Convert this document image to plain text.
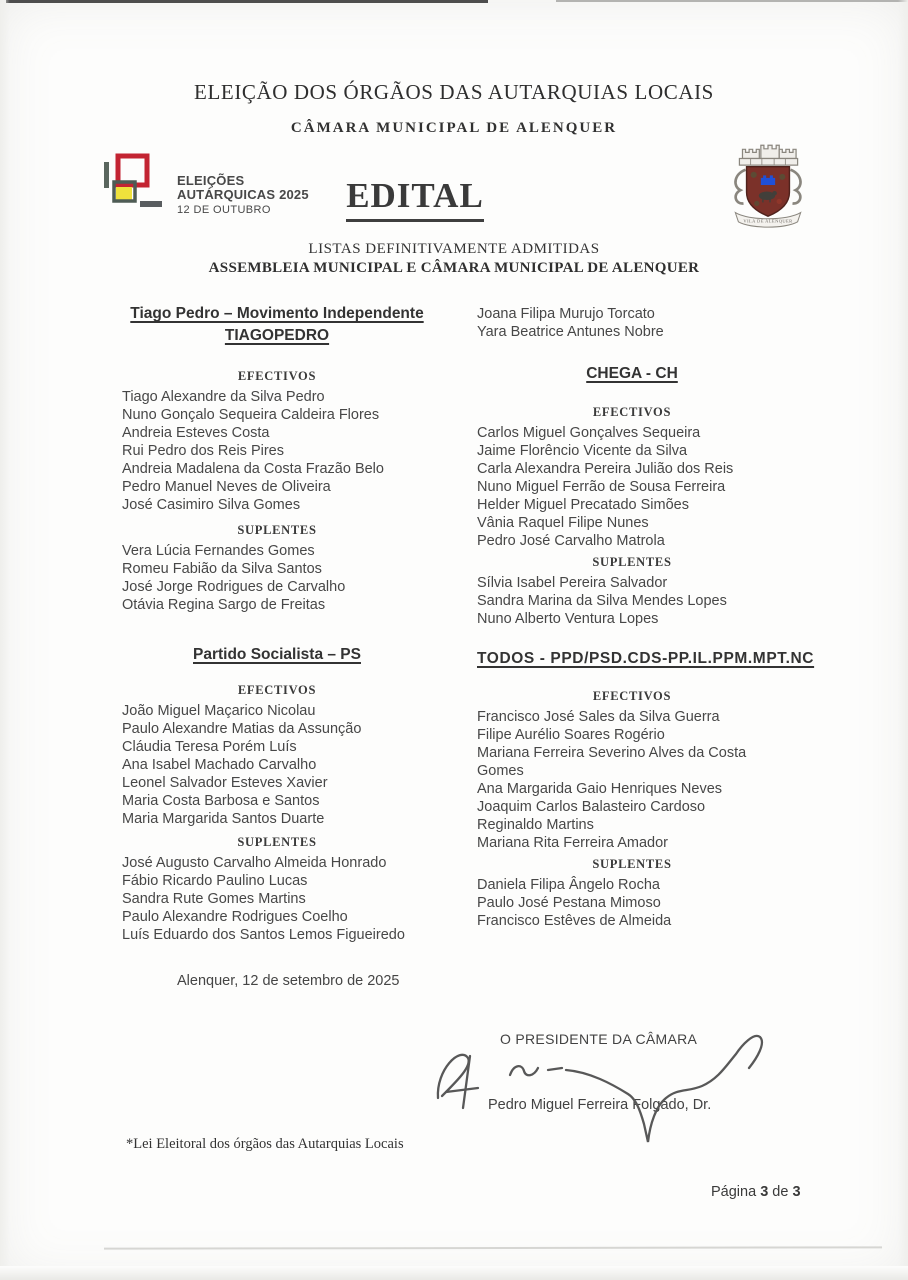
ELEIÇÃO DOS ÓRGÃOS DAS AUTARQUIAS LOCAIS
CÂMARA MUNICIPAL DE ALENQUER
ELEIÇÕES
AUTÁRQUICAS 2025
12 DE OUTUBRO	EDITAL
VILA DE ALENQUER
LISTAS DEFINITIVAMENTE ADMITIDAS
ASSEMBLEIA MUNICIPAL E CÂMARA MUNICIPAL DE ALENQUER
Tiago Pedro – Movimento Independente
TIAGOPEDRO
EFECTIVOS
Tiago Alexandre da Silva Pedro
Nuno Gonçalo Sequeira Caldeira Flores
Andreia Esteves Costa
Rui Pedro dos Reis Pires
Andreia Madalena da Costa Frazão Belo
Pedro Manuel Neves de Oliveira
José Casimiro Silva Gomes
SUPLENTES
Vera Lúcia Fernandes Gomes
Romeu Fabião da Silva Santos
José Jorge Rodrigues de Carvalho
Otávia Regina Sargo de Freitas
Partido Socialista – PS
EFECTIVOS
João Miguel Maçarico Nicolau
Paulo Alexandre Matias da Assunção
Cláudia Teresa Porém Luís
Ana Isabel Machado Carvalho
Leonel Salvador Esteves Xavier
Maria Costa Barbosa e Santos
Maria Margarida Santos Duarte
SUPLENTES
José Augusto Carvalho Almeida Honrado
Fábio Ricardo Paulino Lucas
Sandra Rute Gomes Martins
Paulo Alexandre Rodrigues Coelho
Luís Eduardo dos Santos Lemos Figueiredo
Joana Filipa Murujo Torcato
Yara Beatrice Antunes Nobre
CHEGA - CH
EFECTIVOS
Carlos Miguel Gonçalves Sequeira
Jaime Florêncio Vicente da Silva
Carla Alexandra Pereira Julião dos Reis
Nuno Miguel Ferrão de Sousa Ferreira
Helder Miguel Precatado Simões
Vânia Raquel Filipe Nunes
Pedro José Carvalho Matrola
SUPLENTES
Sílvia Isabel Pereira Salvador
Sandra Marina da Silva Mendes Lopes
Nuno Alberto Ventura Lopes
TODOS - PPD/PSD.CDS-PP.IL.PPM.MPT.NC
EFECTIVOS
Francisco José Sales da Silva Guerra
Filipe Aurélio Soares Rogério
Mariana Ferreira Severino Alves da Costa Gomes
Ana Margarida Gaio Henriques Neves
Joaquim Carlos Balasteiro Cardoso
Reginaldo Martins
Mariana Rita Ferreira Amador
SUPLENTES
Daniela Filipa Ângelo Rocha
Paulo José Pestana Mimoso
Francisco Estêves de Almeida
Alenquer, 12 de setembro de 2025
O PRESIDENTE DA CÂMARA
Pedro Miguel Ferreira Folgado, Dr.
*Lei Eleitoral dos órgãos das Autarquias Locais
Página 3 de 3
